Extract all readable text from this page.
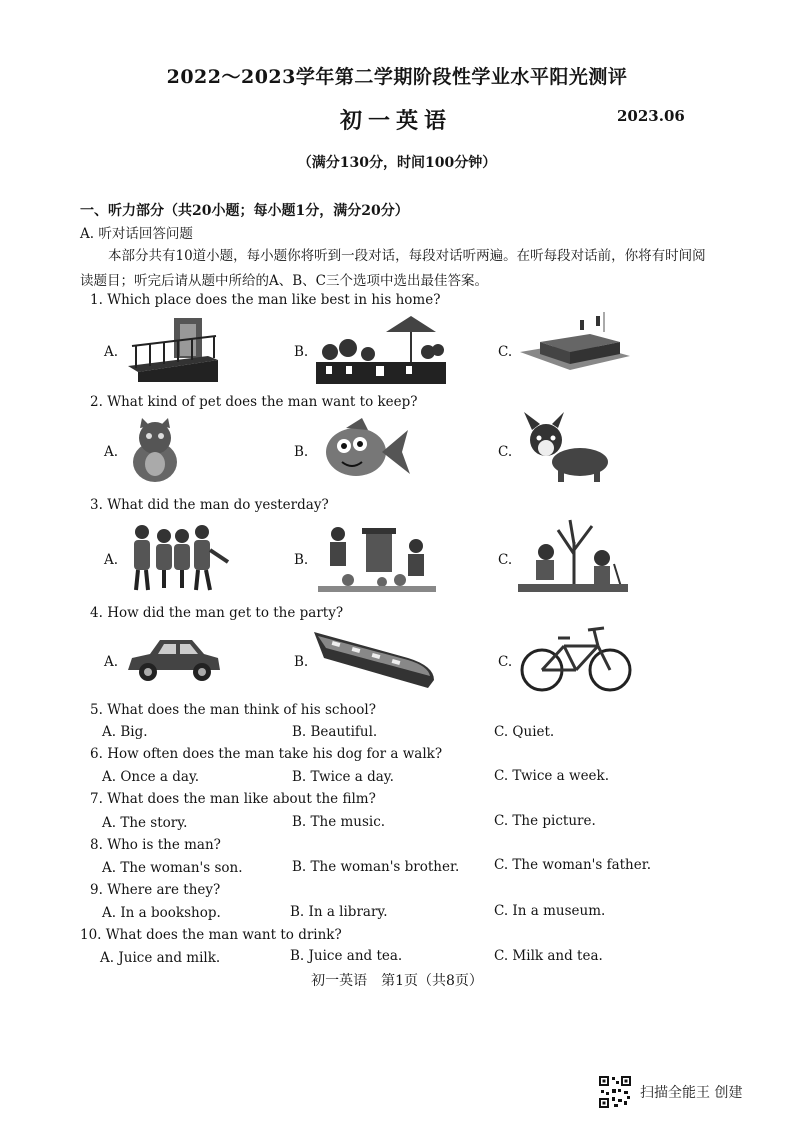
2022～2023学年第二学期阶段性学业水平阳光测评
初一英语	2023.06
（满分130分，时间100分钟）
一、听力部分（共20小题；每小题1分，满分20分）
A. 听对话回答问题
本部分共有10道小题，每小题你将听到一段对话，每段对话听两遍。在听每段对话前，你将有时间阅读题目；听完后请从题中所给的A、B、C三个选项中选出最佳答案。
1. Which place does the man like best in his home?
A.	B.	C.
2. What kind of pet does the man want to keep?
A.	B.	C.
3. What did the man do yesterday?
A.	B.	C.
4. How did the man get to the party?
A.	B.	C.
5. What does the man think of his school?
A. Big.	B. Beautiful.	C. Quiet.
6. How often does the man take his dog for a walk?
A. Once a day.	B. Twice a day.	C. Twice a week.
7. What does the man like about the film?
A. The story.	B. The music.	C. The picture.
8. Who is the man?
A. The woman's son.	B. The woman's brother.	C. The woman's father.
9. Where are they?
A. In a bookshop.	B. In a library.	C. In a museum.
10. What does the man want to drink?
A. Juice and milk.	B. Juice and tea.	C. Milk and tea.
初一英语　第1页（共8页）
扫描全能王 创建
